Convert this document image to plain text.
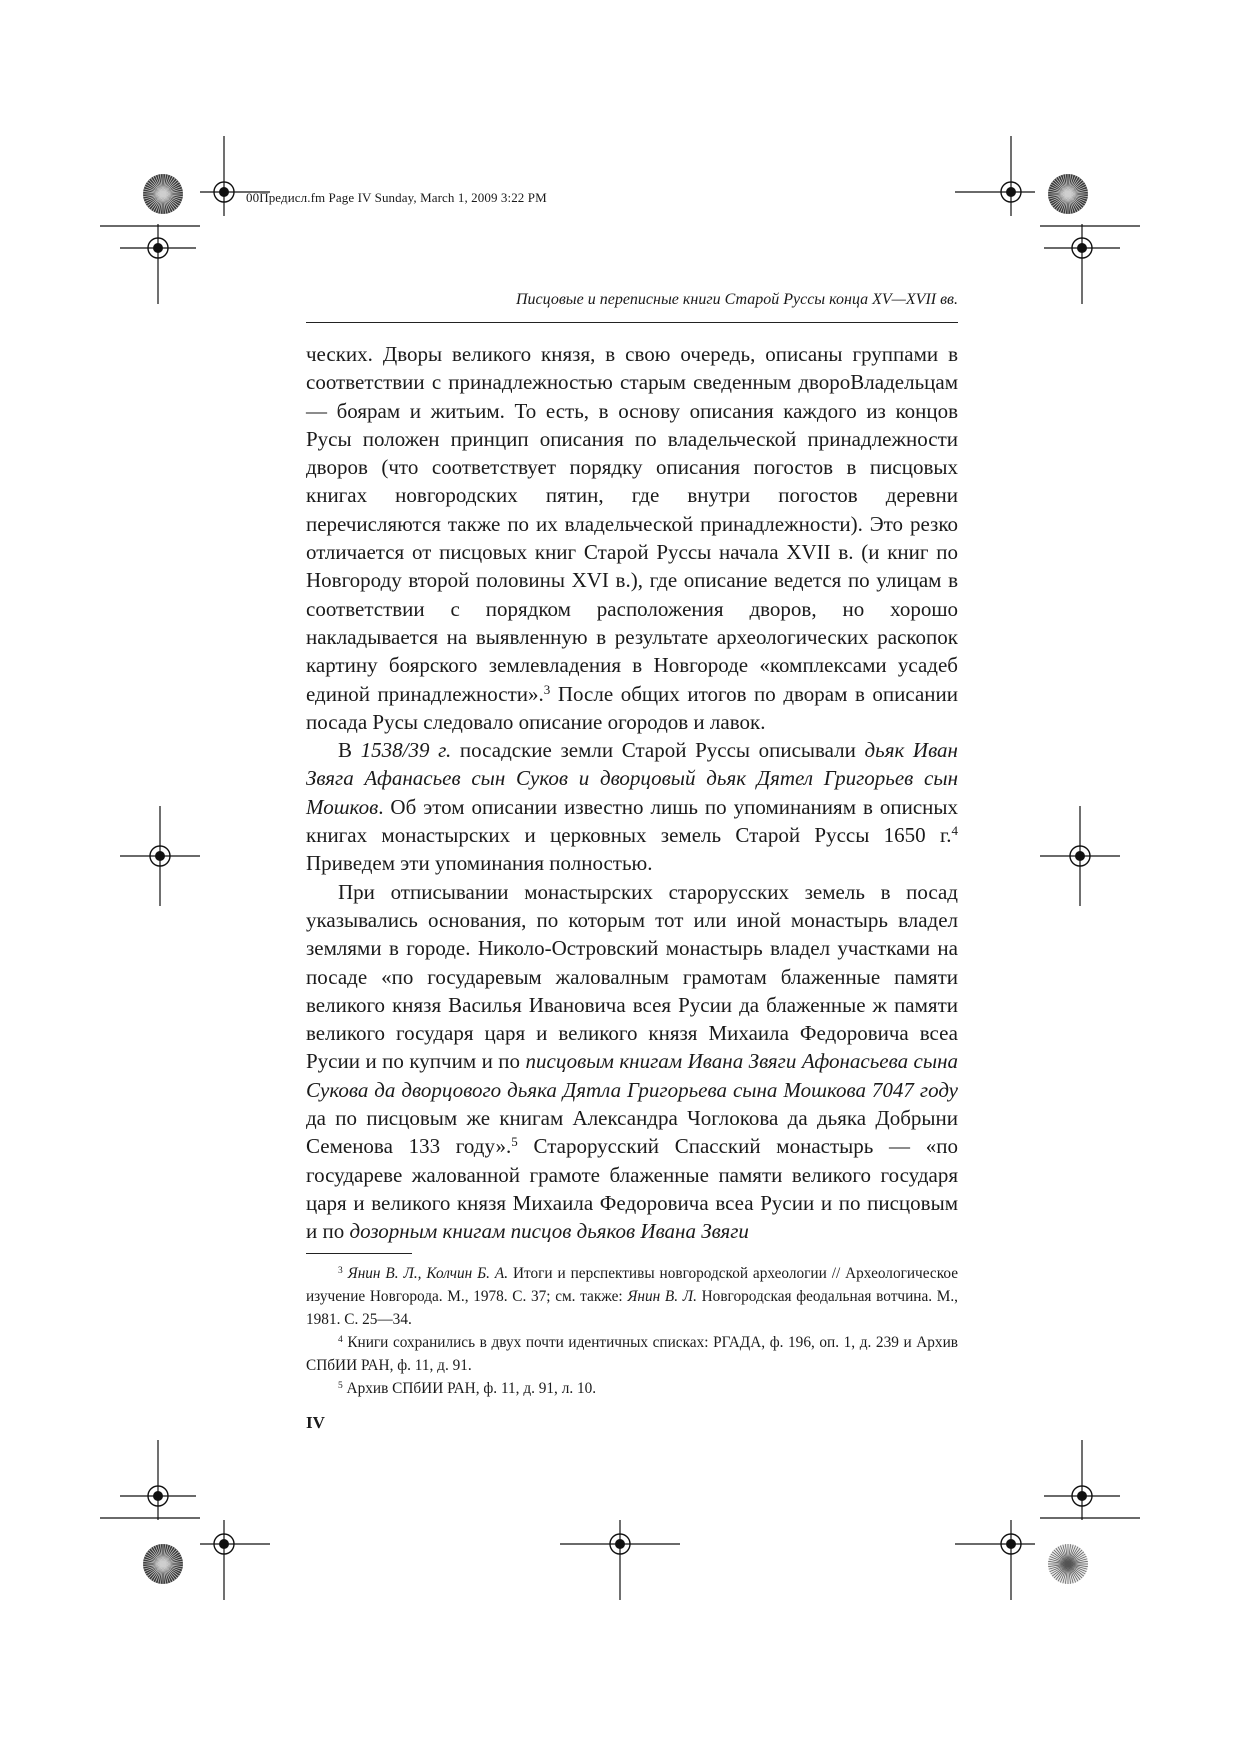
00Предисл.fm Page IV Sunday, March 1, 2009 3:22 PM
Писцовые и переписные книги Старой Руссы конца XV—XVII вв.

ческих. Дворы великого князя, в свою очередь, описаны группами в соответствии с принадлежностью старым сведенным двороВладельцам — боярам и житьим. То есть, в основу описания каждого из концов Русы положен принцип описания по владельческой принадлежности дворов (что соответствует порядку описания погостов в писцовых книгах новгородских пятин, где внутри погостов деревни перечисляются также по их владельческой принадлежности). Это резко отличается от писцовых книг Старой Руссы начала XVII в. (и книг по Новгороду второй половины XVI в.), где описание ведется по улицам в соответствии с порядком расположения дворов, но хорошо накладывается на выявленную в результате археологических раскопок картину боярского землевладения в Новгороде «комплексами усадеб единой принадлежности».$^3$ После общих итогов по дворам в описании посада Русы следовало описание огородов и лавок.

В 1538/39 г. посадские земли Старой Руссы описывали дьяк Иван Звяга Афанасьев сын Суков и дворцовый дьяк Дятел Григорьев сын Мошков. Об этом описании известно лишь по упоминаниям в описных книгах монастырских и церковных земель Старой Руссы 1650 г.$^4$ Приведем эти упоминания полностью.

При отписывании монастырских старорусских земель в посад указывались основания, по которым тот или иной монастырь владел землями в городе. Николо-Островский монастырь владел участками на посаде «по государевым жаловалным грамотам блаженные памяти великого князя Василья Ивановича всея Русии да блаженные ж памяти великого государя царя и великого князя Михаила Федоровича всеа Русии и по купчим и по писцовым книгам Ивана Звяги Афонасьева сына Сукова да дворцового дьяка Дятла Григорьева сына Мошкова 7047 году да по писцовым же книгам Александра Чоглокова да дьяка Добрыни Семенова 133 году».$^5$ Старорусский Спасский монастырь — «по государеве жалованной грамоте блаженные памяти великого государя царя и великого князя Михаила Федоровича всеа Русии и по писцовым и по дозорным книгам писцов дьяков Ивана Звяги

$^3$ Янин В. Л., Колчин Б. А. Итоги и перспективы новгородской археологии // Археологическое изучение Новгорода. М., 1978. С. 37; см. также: Янин В. Л. Новгородская феодальная вотчина. М., 1981. С. 25—34.

$^4$ Книги сохранились в двух почти идентичных списках: РГАДА, ф. 196, оп. 1, д. 239 и Архив СПбИИ РАН, ф. 11, д. 91.

$^5$ Архив СПбИИ РАН, ф. 11, д. 91, л. 10.

IV
